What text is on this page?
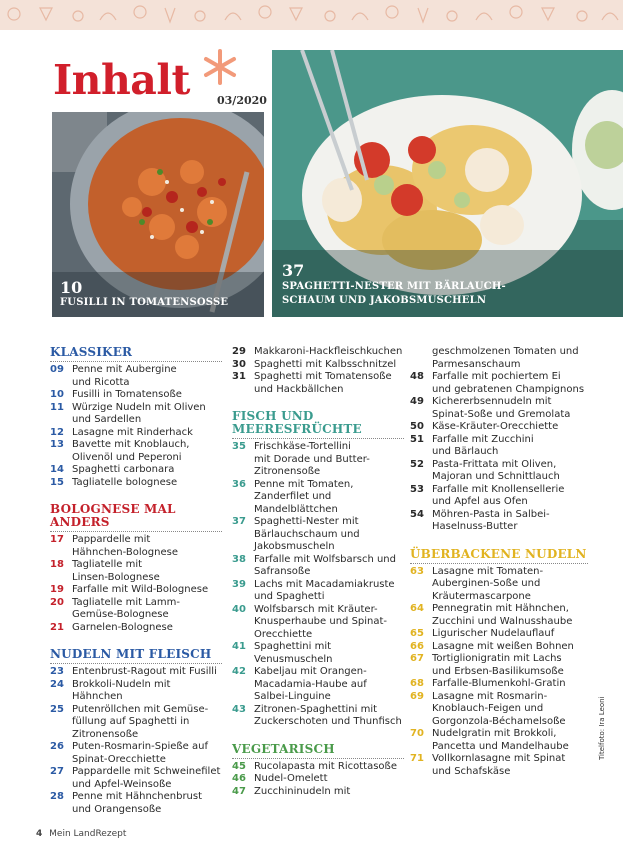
Inhalt 03/2020
10
FUSILLI IN TOMATENSOSSE
37
SPAGHETTI-NESTER MIT BÄRLAUCH-
SCHAUM UND JAKOBSMUSCHELN
KLASSIKER
09 Penne mit Aubergine
und Ricotta
10 Fusilli in Tomatensoße
11 Würzige Nudeln mit Oliven
und Sardellen
12 Lasagne mit Rinderhack
13 Bavette mit Knoblauch,
Olivenöl und Peperoni
14 Spaghetti carbonara
15 Tagliatelle bolognese
BOLOGNESE MAL ANDERS
17 Pappardelle mit
Hähnchen-Bolognese
18 Tagliatelle mit
Linsen-Bolognese
19 Farfalle mit Wild-Bolognese
20 Tagliatelle mit Lamm-
Gemüse-Bolognese
21 Garnelen-Bolognese
NUDELN MIT FLEISCH
23 Entenbrust-Ragout mit Fusilli
24 Brokkoli-Nudeln mit Hähnchen
25 Putenröllchen mit Gemüse-
füllung auf Spaghetti in
Zitronensoße
26 Puten-Rosmarin-Spieße auf
Spinat-Orecchiette
27 Pappardelle mit Schweinefilet
und Apfel-Weinsoße
28 Penne mit Hähnchenbrust
und Orangensoße
29 Makkaroni-Hackfleischkuchen
30 Spaghetti mit Kalbsschnitzel
31 Spaghetti mit Tomatensoße
und Hackbällchen
FISCH UND
MEERESFRÜCHTE
35 Frischkäse-Tortellini
mit Dorade und Butter-
Zitronensoße
36 Penne mit Tomaten,
Zanderfilet und
Mandelblättchen
37 Spaghetti-Nester mit
Bärlauchschaum und
Jakobsmuscheln
38 Farfalle mit Wolfsbarsch und
Safransoße
39 Lachs mit Macadamiakruste
und Spaghetti
40 Wolfsbarsch mit Kräuter-
Knusperhaube und Spinat-
Orecchiette
41 Spaghettini mit Venusmuscheln
42 Kabeljau mit Orangen-
Macadamia-Haube auf
Salbei-Linguine
43 Zitronen-Spaghettini mit
Zuckerschoten und Thunfisch
VEGETARISCH
45 Rucolapasta mit Ricottasoße
46 Nudel-Omelett
47 Zucchininudeln mit
geschmolzenen Tomaten und
Parmesanschaum
48 Farfalle mit pochiertem Ei
und gebratenen Champignons
49 Kichererbsennudeln mit
Spinat-Soße und Gremolata
50 Käse-Kräuter-Orecchiette
51 Farfalle mit Zucchini
und Bärlauch
52 Pasta-Frittata mit Oliven,
Majoran und Schnittlauch
53 Farfalle mit Knollensellerie
und Apfel aus Ofen
54 Möhren-Pasta in Salbei-
Haselnuss-Butter
ÜBERBACKENE NUDELN
63 Lasagne mit Tomaten-
Auberginen-Soße und
Kräutermascarpone
64 Pennegratin mit Hähnchen,
Zucchini und Walnusshaube
65 Ligurischer Nudelauflauf
66 Lasagne mit weißen Bohnen
67 Tortiglionigratin mit Lachs
und Erbsen-Basilikumsoße
68 Farfalle-Blumenkohl-Gratin
69 Lasagne mit Rosmarin-
Knoblauch-Feigen und
Gorgonzola-Béchamelsoße
70 Nudelgratin mit Brokkoli,
Pancetta und Mandelhaube
71 Vollkornlasagne mit Spinat
und Schafskäse
4 Mein LandRezept
Titelfoto: Ira Leoni
